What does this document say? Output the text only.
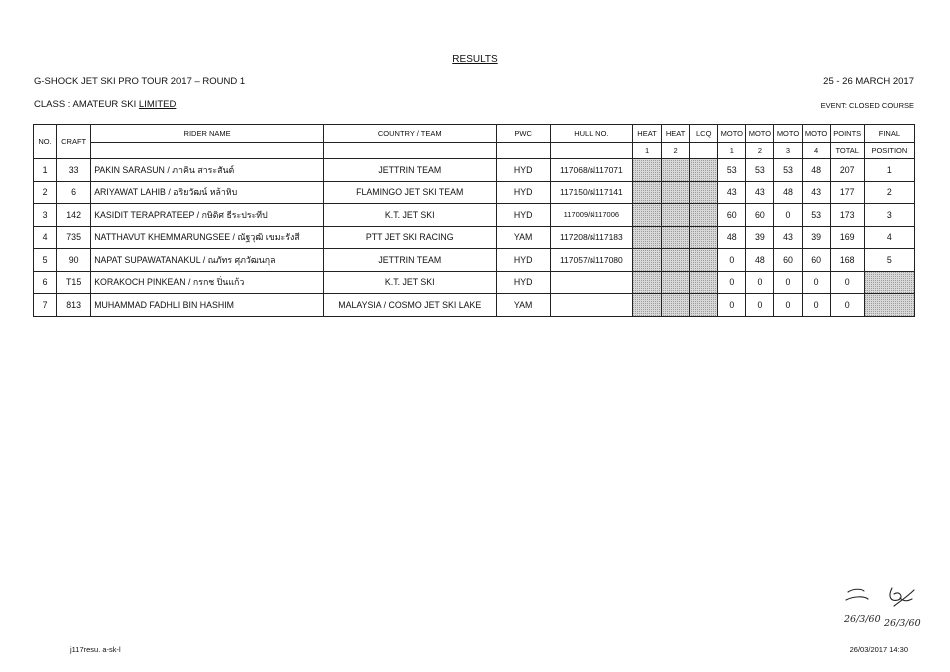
RESULTS
G-SHOCK JET SKI PRO TOUR 2017 – ROUND 1	25 - 26 MARCH 2017
CLASS : AMATEUR SKI LIMITED	EVENT: CLOSED COURSE
NO.	CRAFT	RIDER NAME	COUNTRY / TEAM	PWC	HULL NO.	HEAT	HEAT	LCQ	MOTO	MOTO	MOTO	MOTO	POINTS	FINAL
						1	2		1	2	3	4	TOTAL	POSITION
1	33	PAKIN SARASUN / ภาคิน สาระสันต์	JETTRIN TEAM	HYD	117068/ฝ117071				53	53	53	48	207	1
2	6	ARIYAWAT LAHIB / อริยวัฒน์ หล้าหิบ	FLAMINGO JET SKI TEAM	HYD	117150/ฝ117141				43	43	48	43	177	2
3	142	KASIDIT TERAPRATEEP / กษิดิศ ธีระประทีป	K.T. JET SKI	HYD	117009/ฝ117006				60	60	0	53	173	3
4	735	NATTHAVUT KHEMMARUNGSEE / ณัฐวุฒิ เขมะรังสี	PTT JET SKI RACING	YAM	117208/ฝ117183				48	39	43	39	169	4
5	90	NAPAT SUPAWATANAKUL / ณภัทร ศุภวัฒนกุล	JETTRIN TEAM	HYD	117057/ฝ117080				0	48	60	60	168	5
6	T15	KORAKOCH PINKEAN / กรกช ปิ่นแก้ว	K.T. JET SKI	HYD					0	0	0	0	0	
7	813	MUHAMMAD FADHLI BIN HASHIM	MALAYSIA / COSMO JET SKI LAKE	YAM					0	0	0	0	0	
26/3/60 26/3/60
j117resu. a-sk-l	26/03/2017 14:30
